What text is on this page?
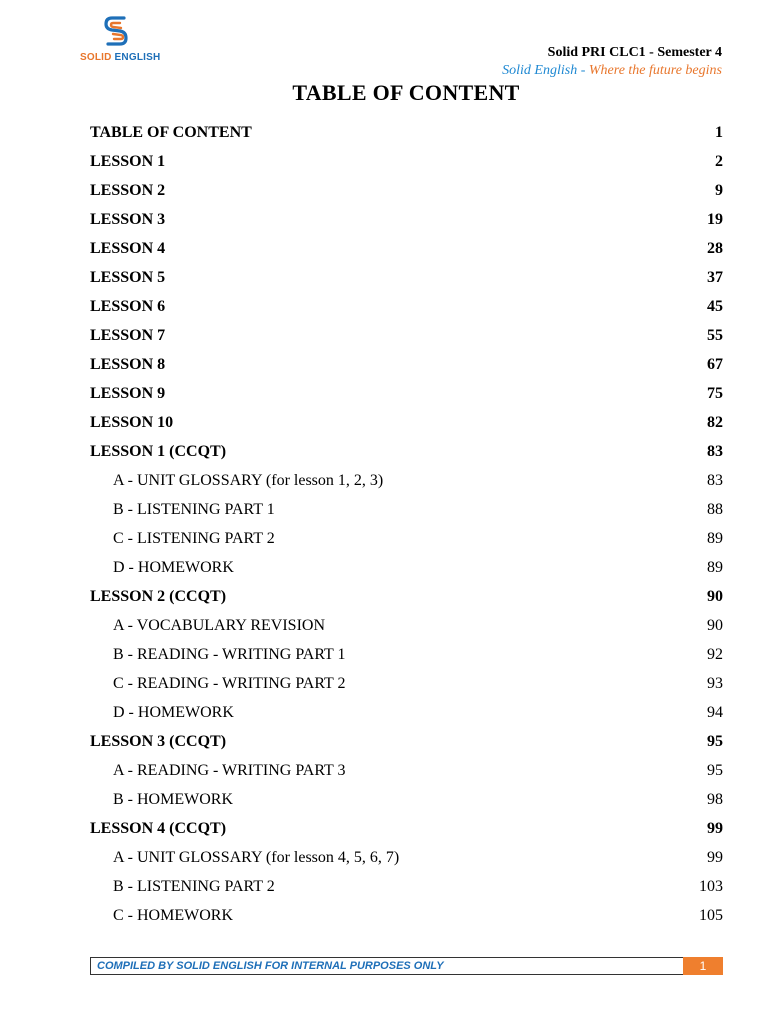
SOLID ENGLISH	Solid PRI CLC1 - Semester 4
Solid English - Where the future begins
TABLE OF CONTENT
TABLE OF CONTENT	1
LESSON 1	2
LESSON 2	9
LESSON 3	19
LESSON 4	28
LESSON 5	37
LESSON 6	45
LESSON 7	55
LESSON 8	67
LESSON 9	75
LESSON 10	82
LESSON 1 (CCQT)	83
A - UNIT GLOSSARY (for lesson 1, 2, 3)	83
B - LISTENING PART 1	88
C - LISTENING PART 2	89
D - HOMEWORK	89
LESSON 2 (CCQT)	90
A - VOCABULARY REVISION	90
B - READING - WRITING PART 1	92
C - READING - WRITING PART 2	93
D - HOMEWORK	94
LESSON 3 (CCQT)	95
A - READING - WRITING PART 3	95
B - HOMEWORK	98
LESSON 4 (CCQT)	99
A - UNIT GLOSSARY (for lesson 4, 5, 6, 7)	99
B - LISTENING PART 2	103
C - HOMEWORK	105
COMPILED BY SOLID ENGLISH FOR INTERNAL PURPOSES ONLY	1
